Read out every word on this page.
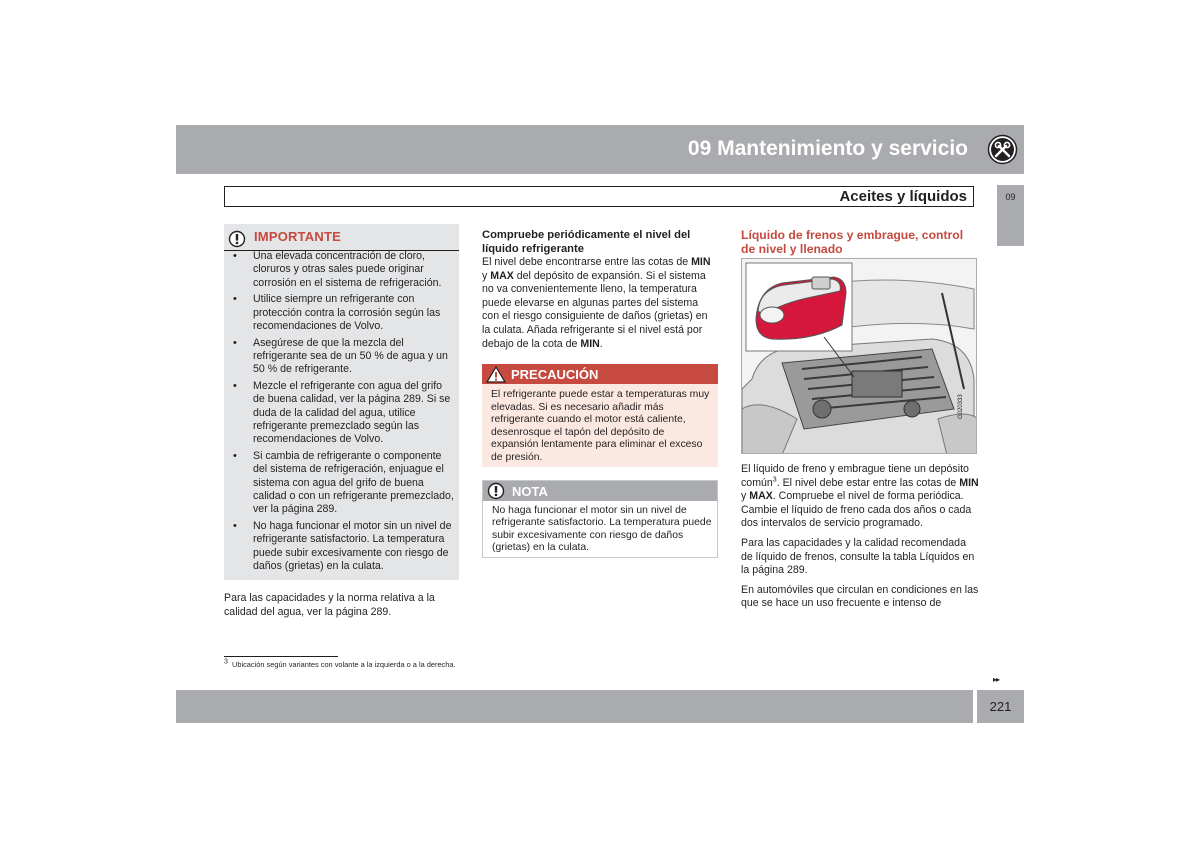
09 Mantenimiento y servicio
09
Aceites y líquidos
IMPORTANTE
• Una elevada concentración de cloro, cloruros y otras sales puede originar corrosión en el sistema de refrigeración.
• Utilice siempre un refrigerante con protección contra la corrosión según las recomendaciones de Volvo.
• Asegúrese de que la mezcla del refrigerante sea de un 50 % de agua y un 50 % de refrigerante.
• Mezcle el refrigerante con agua del grifo de buena calidad, ver la página 289. Si se duda de la calidad del agua, utilice refrigerante premezclado según las recomendaciones de Volvo.
• Si cambia de refrigerante o componente del sistema de refrigeración, enjuague el sistema con agua del grifo de buena calidad o con un refrigerante premezclado, ver la página 289.
• No haga funcionar el motor sin un nivel de refrigerante satisfactorio. La temperatura puede subir excesivamente con riesgo de daños (grietas) en la culata.
Para las capacidades y la norma relativa a la calidad del agua, ver la página 289.
Compruebe periódicamente el nivel del líquido refrigerante
El nivel debe encontrarse entre las cotas de MIN y MAX del depósito de expansión. Si el sistema no va convenientemente lleno, la temperatura puede elevarse en algunas partes del sistema con el riesgo consiguiente de daños (grietas) en la culata. Añada refrigerante si el nivel está por debajo de la cota de MIN.
PRECAUCIÓN
El refrigerante puede estar a temperaturas muy elevadas. Si es necesario añadir más refrigerante cuando el motor está caliente, desenrosque el tapón del depósito de expansión lentamente para eliminar el exceso de presión.
NOTA
No haga funcionar el motor sin un nivel de refrigerante satisfactorio. La temperatura puede subir excesivamente con riesgo de daños (grietas) en la culata.
Líquido de frenos y embrague, control de nivel y llenado
G020333

El líquido de freno y embrague tiene un depósito común$^3$. El nivel debe estar entre las cotas de MIN y MAX. Compruebe el nivel de forma periódica. Cambie el líquido de freno cada dos años o cada dos intervalos de servicio programado.

Para las capacidades y la calidad recomendada de líquido de frenos, consulte la tabla Líquidos en la página 289.

En automóviles que circulan en condiciones en las que se hace un uso frecuente e intenso de

$^3$ Ubicación según variantes con volante a la izquierda o a la derecha.
▸▸
221
